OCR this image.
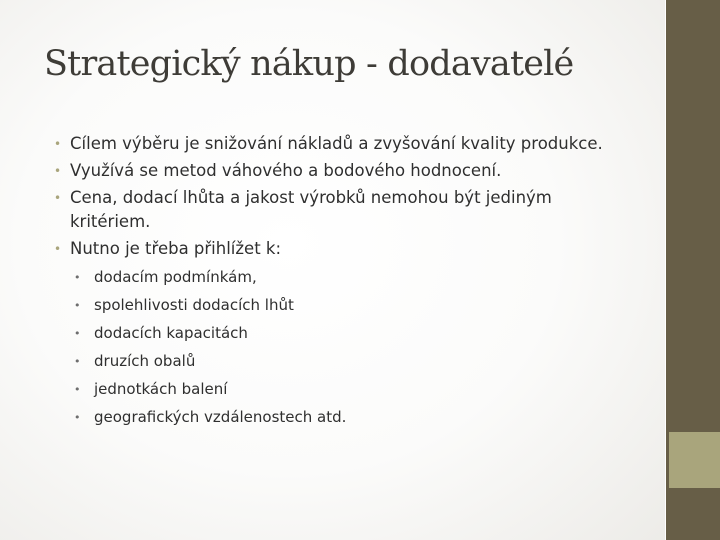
Strategický nákup - dodavatelé
• Cílem výběru je snižování nákladů a zvyšování kvality produkce.
• Využívá se metod váhového a bodového hodnocení.
• Cena, dodací lhůta a jakost výrobků nemohou být jediným kritériem.
• Nutno je třeba přihlížet k:
• dodacím podmínkám,
• spolehlivosti dodacích lhůt
• dodacích kapacitách
• druzích obalů
• jednotkách balení
• geografických vzdálenostech atd.
